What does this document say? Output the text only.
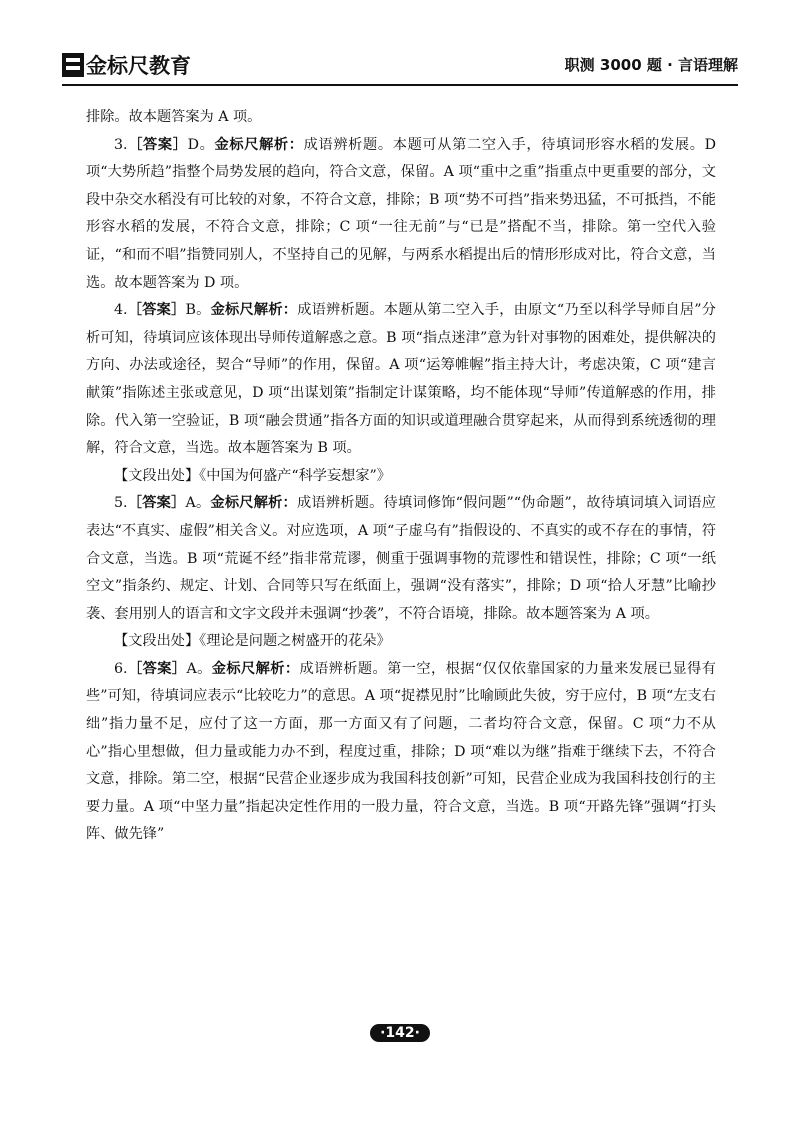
金标尺教育	职测 3000 题 · 言语理解

排除。故本题答案为 A 项。

3.［答案］D。金标尺解析：成语辨析题。本题可从第二空入手，待填词形容水稻的发展。D 项“大势所趋”指整个局势发展的趋向，符合文意，保留。A 项“重中之重”指重点中更重要的部分，文段中杂交水稻没有可比较的对象，不符合文意，排除；B 项“势不可挡”指来势迅猛，不可抵挡，不能形容水稻的发展，不符合文意，排除；C 项“一往无前”与“已是”搭配不当，排除。第一空代入验证，“和而不唱”指赞同别人，不坚持自己的见解，与两系水稻提出后的情形形成对比，符合文意，当选。故本题答案为 D 项。

4.［答案］B。金标尺解析：成语辨析题。本题从第二空入手，由原文“乃至以科学导师自居”分析可知，待填词应该体现出导师传道解惑之意。B 项“指点迷津”意为针对事物的困难处，提供解决的方向、办法或途径，契合“导师”的作用，保留。A 项“运筹帷幄”指主持大计，考虑决策，C 项“建言献策”指陈述主张或意见，D 项“出谋划策”指制定计谋策略，均不能体现“导师”传道解惑的作用，排除。代入第一空验证，B 项“融会贯通”指各方面的知识或道理融合贯穿起来，从而得到系统透彻的理解，符合文意，当选。故本题答案为 B 项。

【文段出处】《中国为何盛产“科学妄想家”》

5.［答案］A。金标尺解析：成语辨析题。待填词修饰“假问题”“伪命题”，故待填词填入词语应表达“不真实、虚假”相关含义。对应选项，A 项“子虚乌有”指假设的、不真实的或不存在的事情，符合文意，当选。B 项“荒诞不经”指非常荒谬，侧重于强调事物的荒谬性和错误性，排除；C 项“一纸空文”指条约、规定、计划、合同等只写在纸面上，强调“没有落实”，排除；D 项“拾人牙慧”比喻抄袭、套用别人的语言和文字文段并未强调“抄袭”，不符合语境，排除。故本题答案为 A 项。

【文段出处】《理论是问题之树盛开的花朵》

6.［答案］A。金标尺解析：成语辨析题。第一空，根据“仅仅依靠国家的力量来发展已显得有些”可知，待填词应表示“比较吃力”的意思。A 项“捉襟见肘”比喻顾此失彼，穷于应付，B 项“左支右绌”指力量不足，应付了这一方面，那一方面又有了问题，二者均符合文意，保留。C 项“力不从心”指心里想做，但力量或能力办不到，程度过重，排除；D 项“难以为继”指难于继续下去，不符合文意，排除。第二空，根据“民营企业逐步成为我国科技创新”可知，民营企业成为我国科技创行的主要力量。A 项“中坚力量”指起决定性作用的一股力量，符合文意，当选。B 项“开路先锋”强调“打头阵、做先锋”

·142·
